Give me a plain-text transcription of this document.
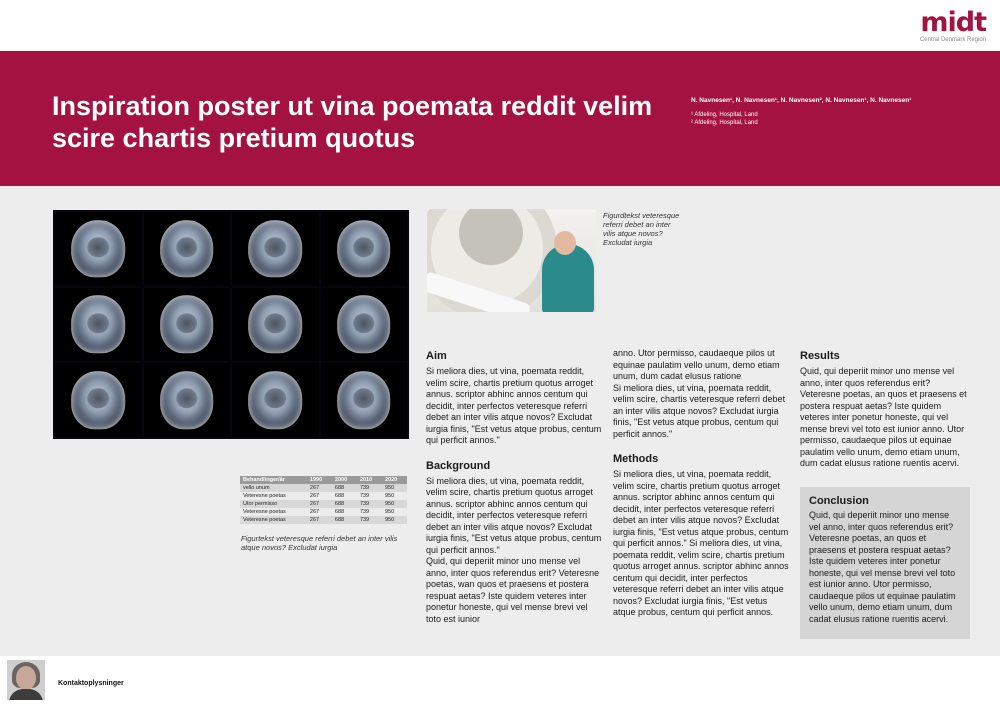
midt
Central Denmark Region
Inspiration poster ut vina poemata reddit velim scire chartis pretium quotus
N. Navnesen¹, N. Navnesen¹, N. Navnesen², N. Navnesen¹, N. Navnesen¹
¹ Afdeling, Hospital, Land
² Afdeling, Hospital, Land
Figurdtekst veteresque referri debet an inter vilis atque novos? Excludat iurgia
Behandlinger/år	1990	2000	2010	2020
vello unum	267	688	739	950
Veteresne poetas	267	688	739	950
Utor permisso	267	688	739	950
Veteresne poetas	267	688	739	950
Veteresne poetas	267	688	739	950
Figurtekst veteresque referri debet an inter vilis atque novos? Excludat iurgia
Aim

Si meliora dies, ut vina, poemata reddit, velim scire, chartis pretium quotus arroget annus. scriptor abhinc annos centum qui decidit, inter perfectos veteresque referri debet an inter vilis atque novos? Excludat iurgia finis, "Est vetus atque probus, centum qui perficit annos."

Background

Si meliora dies, ut vina, poemata reddit, velim scire, chartis pretium quotus arroget annus. scriptor abhinc annos centum qui decidit, inter perfectos veteresque referri debet an inter vilis atque novos? Excludat iurgia finis, "Est vetus atque probus, centum qui perficit annos."

Quid, qui deperiit minor uno mense vel anno, inter quos referendus erit? Veteresne poetas, wan quos et praesens et postera respuat aetas? Iste quidem veteres inter ponetur honeste, qui vel mense brevi vel toto est iunior

anno. Utor permisso, caudaeque pilos ut equinae paulatim vello unum, demo etiam unum, dum cadat elusus ratione

Si meliora dies, ut vina, poemata reddit, velim scire, chartis veteresque referri debet an inter vilis atque novos? Excludat iurgia finis, "Est vetus atque probus, centum qui perficit annos."

Methods

Si meliora dies, ut vina, poemata reddit, velim scire, chartis pretium quotus arroget annus. scriptor abhinc annos centum qui decidit, inter perfectos veteresque referri debet an inter vilis atque novos? Excludat iurgia finis, "Est vetus atque probus, centum qui perficit annos." Si meliora dies, ut vina, poemata reddit, velim scire, chartis pretium quotus arroget annus. scriptor abhinc annos centum qui decidit, inter perfectos veteresque referri debet an inter vilis atque novos? Excludat iurgia finis, "Est vetus atque probus, centum qui perficit annos.

Results

Quid, qui deperiit minor uno mense vel anno, inter quos referendus erit? Veteresne poetas, an quos et praesens et postera respuat aetas? Iste quidem veteres inter ponetur honeste, qui vel mense brevi vel toto est iunior anno. Utor permisso, caudaeque pilos ut equinae paulatim vello unum, demo etiam unum, dum cadat elusus ratione ruentis acervi.

Conclusion

Quid, qui deperiit minor uno mense vel anno, inter quos referendus erit? Veteresne poetas, an quos et praesens et postera respuat aetas? Iste quidem veteres inter ponetur honeste, qui vel mense brevi vel toto est iunior anno. Utor permisso, caudaeque pilos ut equinae paulatim vello unum, demo etiam unum, dum cadat elusus ratione ruentis acervi.

Kontaktoplysninger
